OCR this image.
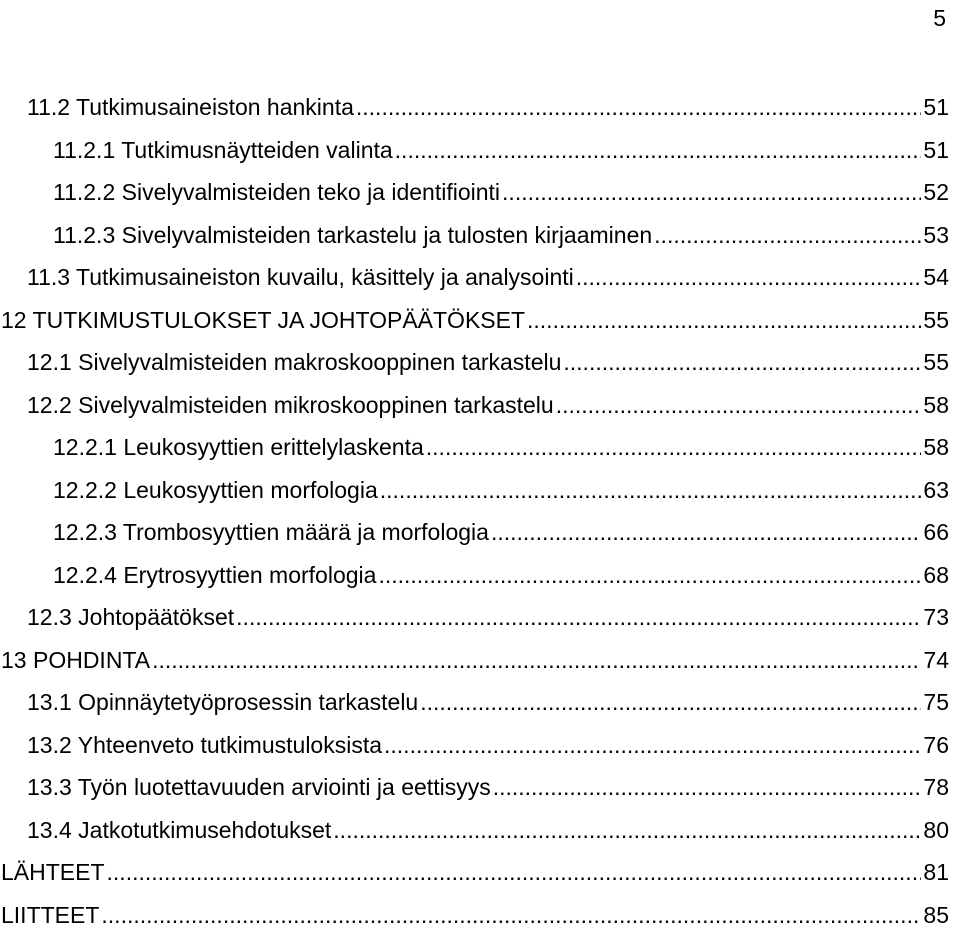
5
11.2 Tutkimusaineiston hankinta .....	51
11.2.1 Tutkimusnäytteiden valinta .....	51
11.2.2 Sivelyvalmisteiden teko ja identifiointi .....	52
11.2.3 Sivelyvalmisteiden tarkastelu ja tulosten kirjaaminen .....	53
11.3 Tutkimusaineiston kuvailu, käsittely ja analysointi .....	54
12 TUTKIMUSTULOKSET JA JOHTOPÄÄTÖKSET .....	55
12.1 Sivelyvalmisteiden makroskooppinen tarkastelu .....	55
12.2 Sivelyvalmisteiden mikroskooppinen tarkastelu .....	58
12.2.1 Leukosyyttien erittelylaskenta .....	58
12.2.2 Leukosyyttien morfologia .....	63
12.2.3 Trombosyyttien määrä ja morfologia .....	66
12.2.4 Erytrosyyttien morfologia .....	68
12.3 Johtopäätökset .....	73
13 POHDINTA .....	74
13.1 Opinnäytetyöprosessin tarkastelu .....	75
13.2 Yhteenveto tutkimustuloksista .....	76
13.3 Työn luotettavuuden arviointi ja eettisyys .....	78
13.4 Jatkotutkimusehdotukset .....	80
LÄHTEET .....	81
LIITTEET .....	85
